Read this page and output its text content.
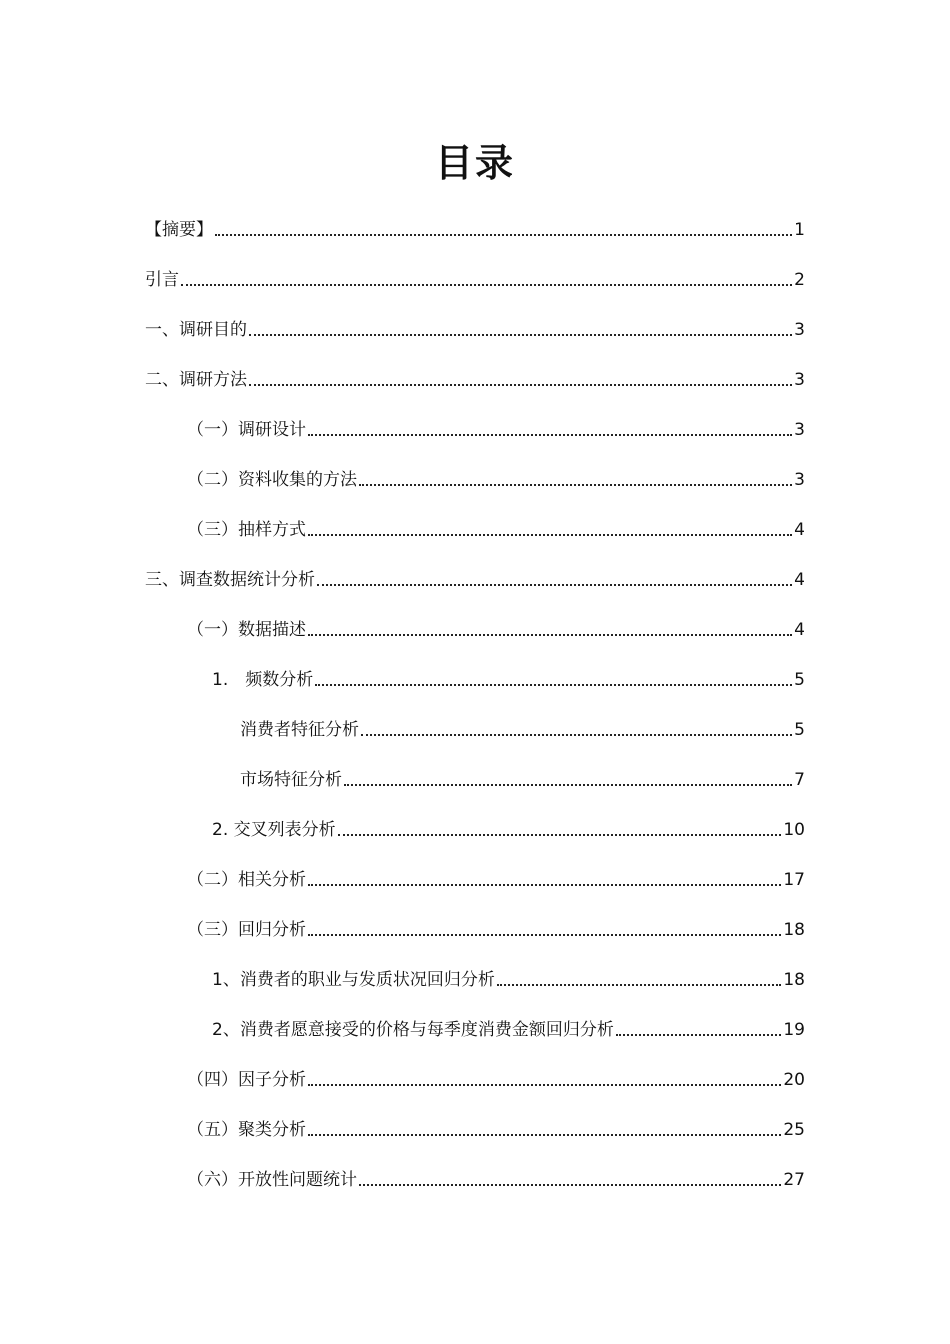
目录
【摘要】	1
引言	2
一、调研目的	3
二、调研方法	3
（一）调研设计	3
（二）资料收集的方法	3
（三）抽样方式	4
三、调查数据统计分析	4
（一）数据描述	4
1.　频数分析	5
消费者特征分析	5
市场特征分析	7
2. 交叉列表分析	10
（二）相关分析	17
（三）回归分析	18
1、消费者的职业与发质状况回归分析	18
2、消费者愿意接受的价格与每季度消费金额回归分析	19
（四）因子分析	20
（五）聚类分析	25
（六）开放性问题统计	27
